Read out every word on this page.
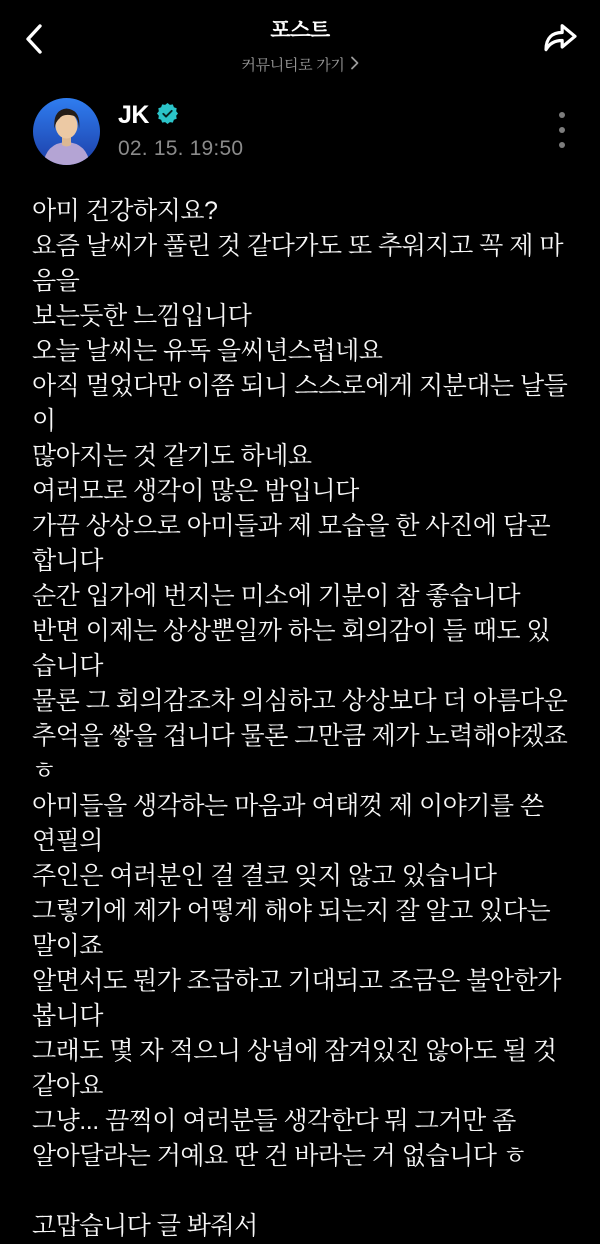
포스트
커뮤니티로 가기
JK
02. 15. 19:50
아미 건강하지요?
요즘 날씨가 풀린 것 같다가도 또 추워지고 꼭 제 마음을
보는듯한 느낌입니다
오늘 날씨는 유독 을씨년스럽네요
아직 멀었다만 이쯤 되니 스스로에게 지분대는 날들이
많아지는 것 같기도 하네요
여러모로 생각이 많은 밤입니다
가끔 상상으로 아미들과 제 모습을 한 사진에 담곤
합니다
순간 입가에 번지는 미소에 기분이 참 좋습니다
반면 이제는 상상뿐일까 하는 회의감이 들 때도 있습니다
물론 그 회의감조차 의심하고 상상보다 더 아름다운
추억을 쌓을 겁니다 물론 그만큼 제가 노력해야겠죠ㅎ
아미들을 생각하는 마음과 여태껏 제 이야기를 쓴 연필의
주인은 여러분인 걸 결코 잊지 않고 있습니다
그렇기에 제가 어떻게 해야 되는지 잘 알고 있다는
말이죠
알면서도 뭔가 조급하고 기대되고 조금은 불안한가
봅니다
그래도 몇 자 적으니 상념에 잠겨있진 않아도 될 것
같아요
그냥... 끔찍이 여러분들 생각한다 뭐 그거만 좀
알아달라는 거예요 딴 건 바라는 거 없습니다 ㅎ

고맙습니다 글 봐줘서
